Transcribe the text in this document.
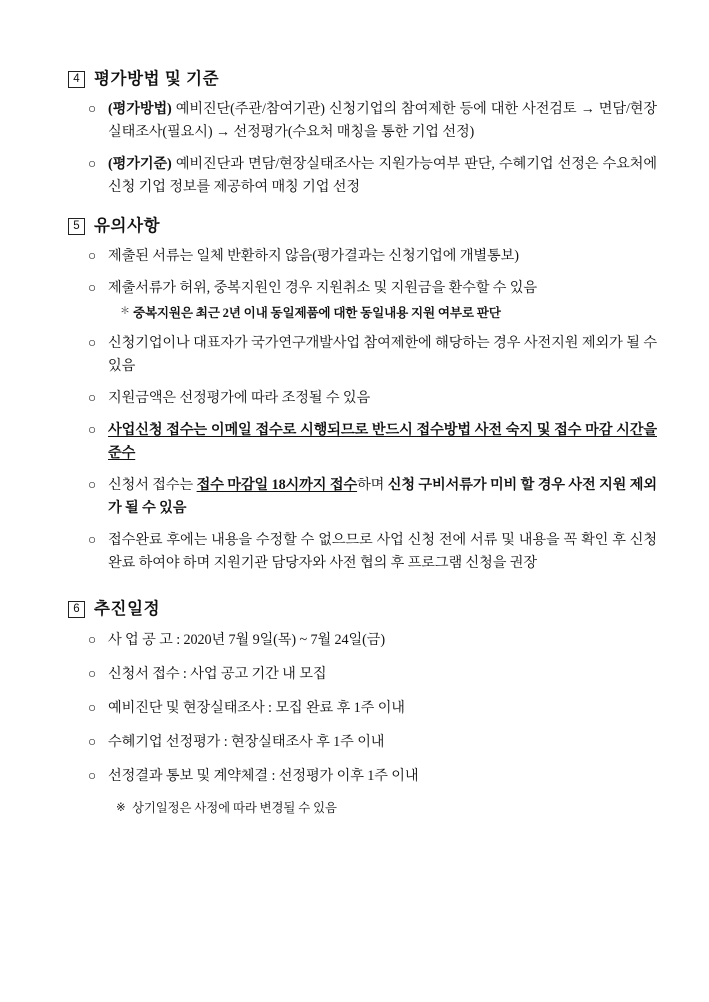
4 평가방법 및 기준
○ (평가방법) 예비진단(주관/참여기관) 신청기업의 참여제한 등에 대한 사전검토 → 면담/현장실태조사(필요시) → 선정평가(수요처 매칭을 통한 기업 선정)
○ (평가기준) 예비진단과 면담/현장실태조사는 지원가능여부 판단, 수혜기업 선정은 수요처에 신청 기업 정보를 제공하여 매칭 기업 선정
5 유의사항
○ 제출된 서류는 일체 반환하지 않음(평가결과는 신청기업에 개별통보)
○ 제출서류가 허위, 중복지원인 경우 지원취소 및 지원금을 환수할 수 있음
＊ 중복지원은 최근 2년 이내 동일제품에 대한 동일내용 지원 여부로 판단
○ 신청기업이나 대표자가 국가연구개발사업 참여제한에 해당하는 경우 사전지원 제외가 될 수 있음
○ 지원금액은 선정평가에 따라 조정될 수 있음
○ 사업신청 접수는 이메일 접수로 시행되므로 반드시 접수방법 사전 숙지 및 접수 마감 시간을 준수
○ 신청서 접수는 접수 마감일 18시까지 접수하며 신청 구비서류가 미비 할 경우 사전 지원 제외가 될 수 있음
○ 접수완료 후에는 내용을 수정할 수 없으므로 사업 신청 전에 서류 및 내용을 꼭 확인 후 신청완료 하여야 하며 지원기관 담당자와 사전 협의 후 프로그램 신청을 권장
6 추진일정
○ 사 업 공 고 : 2020년 7월 9일(목) ~ 7월 24일(금)
○ 신청서 접수 : 사업 공고 기간 내 모집
○ 예비진단 및 현장실태조사 : 모집 완료 후 1주 이내
○ 수혜기업 선정평가 : 현장실태조사 후 1주 이내
○ 선정결과 통보 및 계약체결 : 선정평가 이후 1주 이내
※ 상기일정은 사정에 따라 변경될 수 있음
